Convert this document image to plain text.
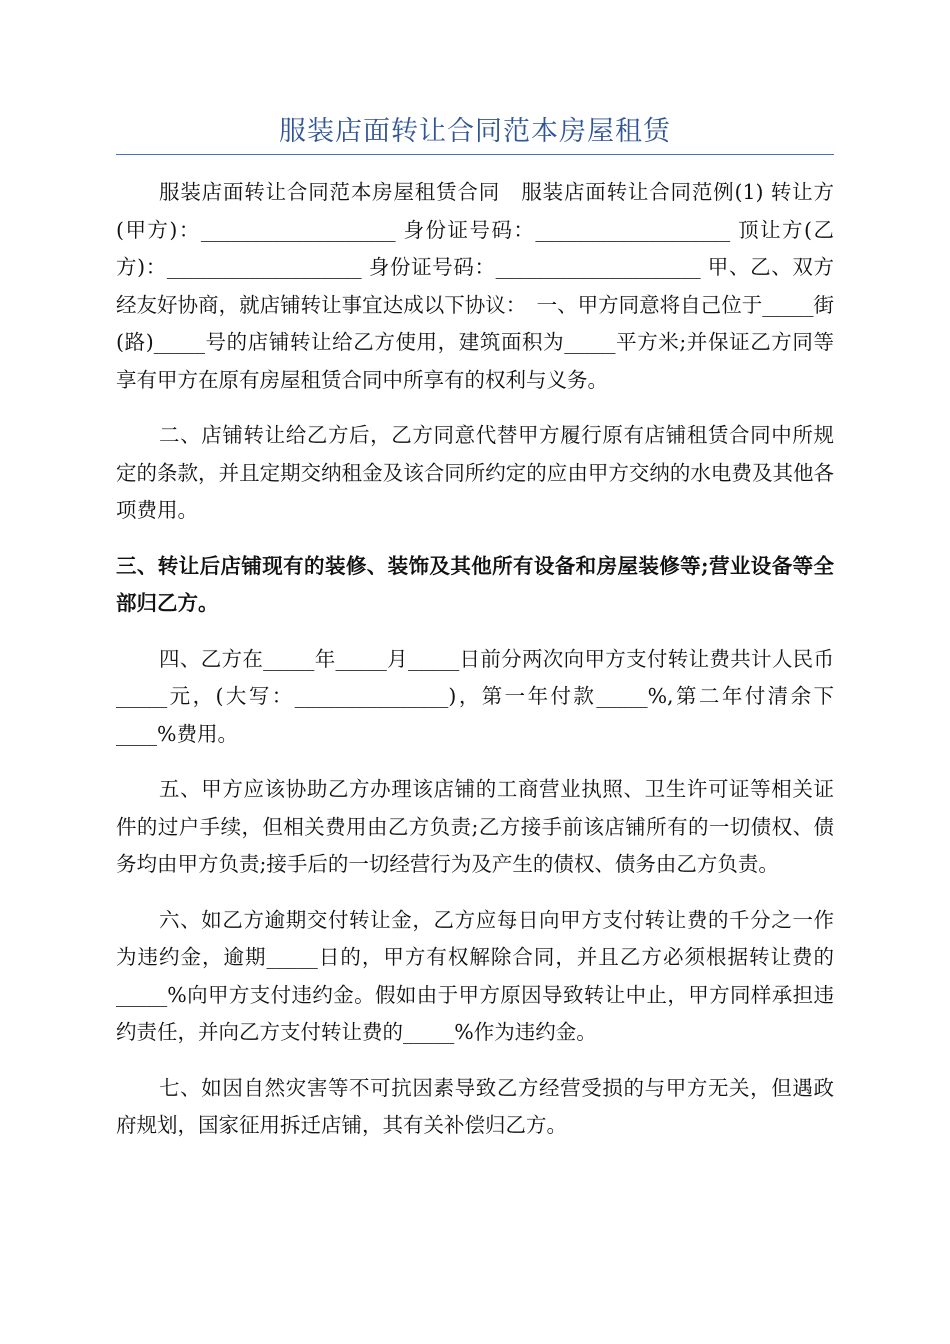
服装店面转让合同范本房屋租赁

服装店面转让合同范本房屋租赁合同　服装店面转让合同范例(1) 转让方(甲方)：___________________ 身份证号码：___________________ 顶让方(乙方)：___________________ 身份证号码：____________________ 甲、乙、双方经友好协商，就店铺转让事宜达成以下协议：　一、甲方同意将自己位于_____街(路)_____号的店铺转让给乙方使用，建筑面积为_____平方米;并保证乙方同等享有甲方在原有房屋租赁合同中所享有的权利与义务。

二、店铺转让给乙方后，乙方同意代替甲方履行原有店铺租赁合同中所规定的条款，并且定期交纳租金及该合同所约定的应由甲方交纳的水电费及其他各项费用。

三、转让后店铺现有的装修、装饰及其他所有设备和房屋装修等;营业设备等全部归乙方。

四、乙方在_____年_____月_____日前分两次向甲方支付转让费共计人民币_____元，(大写：_______________)，第一年付款_____%,第二年付清余下____%费用。

五、甲方应该协助乙方办理该店铺的工商营业执照、卫生许可证等相关证件的过户手续，但相关费用由乙方负责;乙方接手前该店铺所有的一切债权、债务均由甲方负责;接手后的一切经营行为及产生的债权、债务由乙方负责。

六、如乙方逾期交付转让金，乙方应每日向甲方支付转让费的千分之一作为违约金，逾期_____日的，甲方有权解除合同，并且乙方必须根据转让费的_____%向甲方支付违约金。假如由于甲方原因导致转让中止，甲方同样承担违约责任，并向乙方支付转让费的_____%作为违约金。

七、如因自然灾害等不可抗因素导致乙方经营受损的与甲方无关，但遇政府规划，国家征用拆迁店铺，其有关补偿归乙方。
